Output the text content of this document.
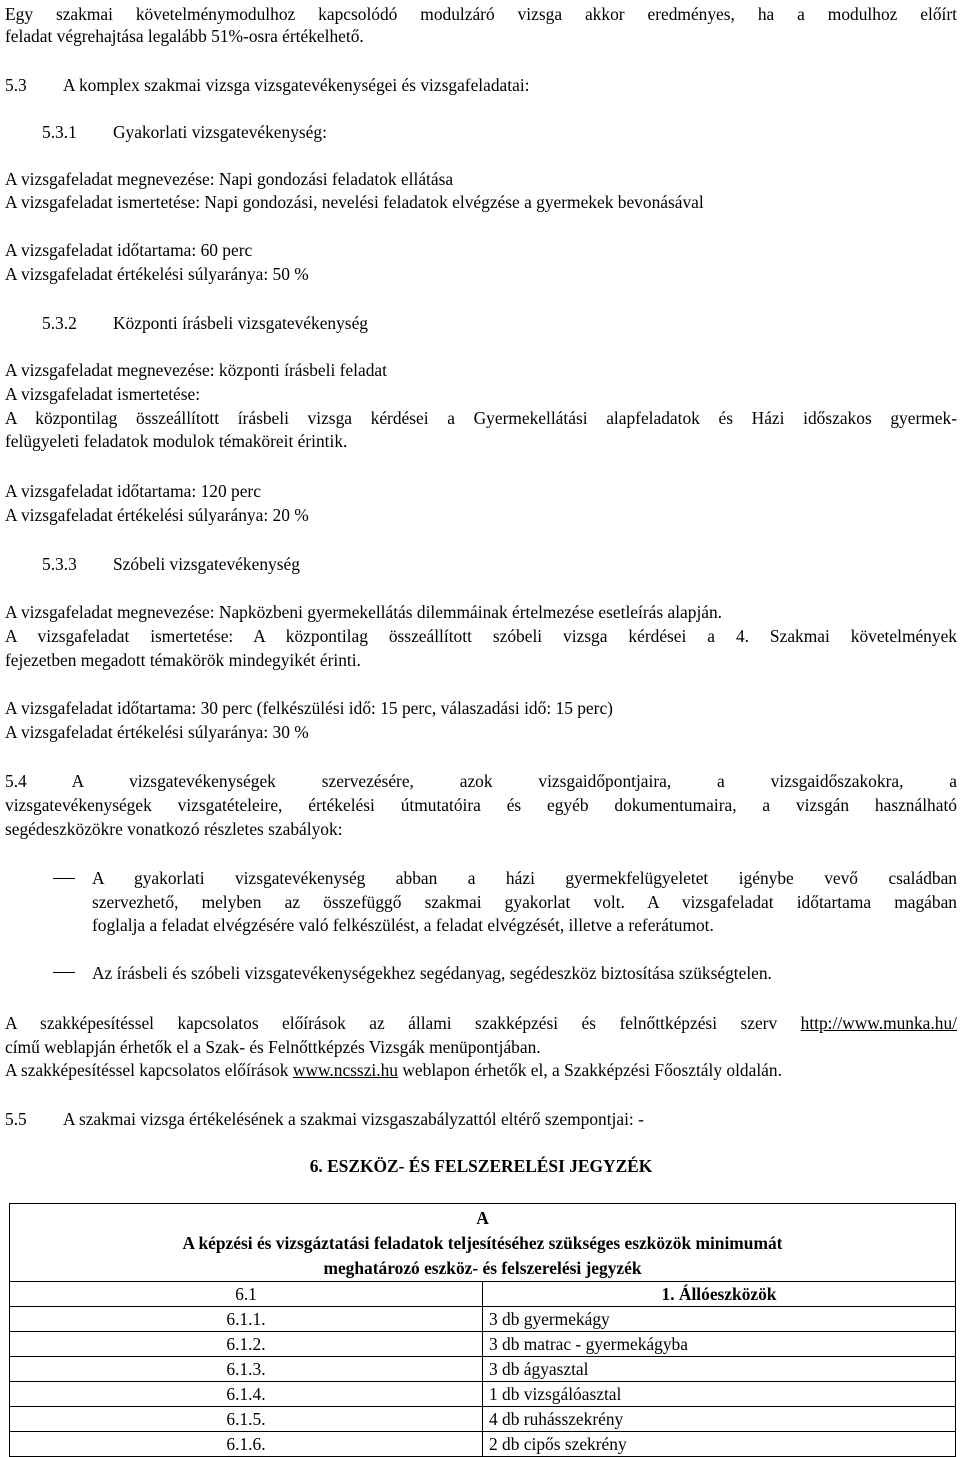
Egy szakmai követelménymodulhoz kapcsolódó modulzáró vizsga akkor eredményes, ha a modulhoz előírt
feladat végrehajtása legalább 51%-osra értékelhető.
5.3 A komplex szakmai vizsga vizsgatevékenységei és vizsgafeladatai:
5.3.1 Gyakorlati vizsgatevékenység:
A vizsgafeladat megnevezése: Napi gondozási feladatok ellátása
A vizsgafeladat ismertetése: Napi gondozási, nevelési feladatok elvégzése a gyermekek bevonásával
A vizsgafeladat időtartama: 60 perc
A vizsgafeladat értékelési súlyaránya: 50 %
5.3.2 Központi írásbeli vizsgatevékenység
A vizsgafeladat megnevezése: központi írásbeli feladat
A vizsgafeladat ismertetése:
A központilag összeállított írásbeli vizsga kérdései a Gyermekellátási alapfeladatok és Házi időszakos gyermek-
felügyeleti feladatok modulok témaköreit érintik.
A vizsgafeladat időtartama: 120 perc
A vizsgafeladat értékelési súlyaránya: 20 %
5.3.3 Szóbeli vizsgatevékenység
A vizsgafeladat megnevezése: Napközbeni gyermekellátás dilemmáinak értelmezése esetleírás alapján.
A vizsgafeladat ismertetése: A központilag összeállított szóbeli vizsga kérdései a 4. Szakmai követelmények
fejezetben megadott témakörök mindegyikét érinti.
A vizsgafeladat időtartama: 30 perc (felkészülési idő: 15 perc, válaszadási idő: 15 perc)
A vizsgafeladat értékelési súlyaránya: 30 %
5.4 A vizsgatevékenységek szervezésére, azok vizsgaidőpontjaira, a vizsgaidőszakokra, a
vizsgatevékenységek vizsgatételeire, értékelési útmutatóira és egyéb dokumentumaira, a vizsgán használható
segédeszközökre vonatkozó részletes szabályok:
A gyakorlati vizsgatevékenység abban a házi gyermekfelügyeletet igénybe vevő családban
szervezhető, melyben az összefüggő szakmai gyakorlat volt. A vizsgafeladat időtartama magában
foglalja a feladat elvégzésére való felkészülést, a feladat elvégzését, illetve a referátumot.
Az írásbeli és szóbeli vizsgatevékenységekhez segédanyag, segédeszköz biztosítása szükségtelen.
A szakképesítéssel kapcsolatos előírások az állami szakképzési és felnőttképzési szerv http://www.munka.hu/
című weblapján érhetők el a Szak- és Felnőttképzés Vizsgák menüpontjában.
A szakképesítéssel kapcsolatos előírások www.ncsszi.hu weblapon érhetők el, a Szakképzési Főosztály oldalán.
5.5 A szakmai vizsga értékelésének a szakmai vizsgaszabályzattól eltérő szempontjai: -
6. ESZKÖZ- ÉS FELSZERELÉSI JEGYZÉK
A
A képzési és vizsgáztatási feladatok teljesítéséhez szükséges eszközök minimumát
meghatározó eszköz- és felszerelési jegyzék	

6.1	1. Állóeszközök
6.1.1.	3 db gyermekágy
6.1.2.	3 db matrac - gyermekágyba
6.1.3.	3 db ágyasztal
6.1.4.	1 db vizsgálóasztal
6.1.5.	4 db ruhásszekrény
6.1.6.	2 db cipős szekrény
